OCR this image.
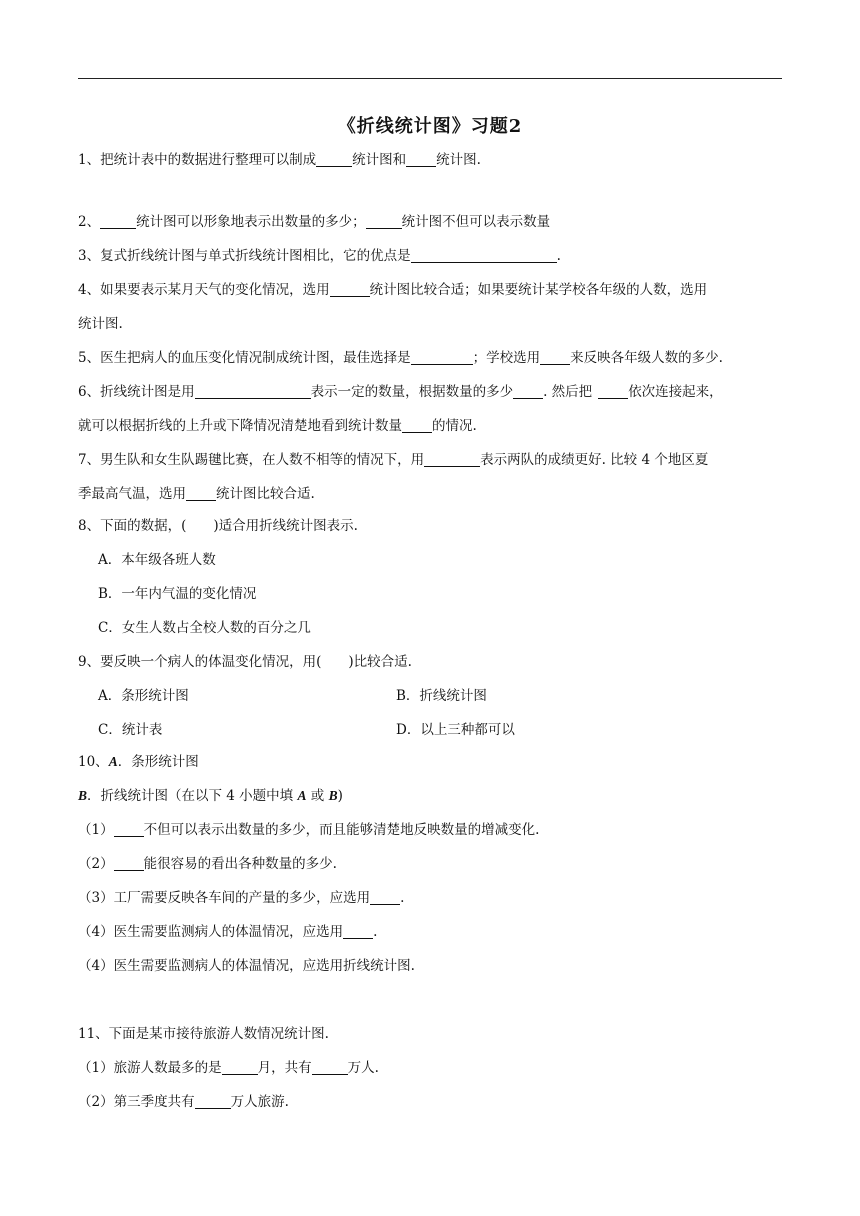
《折线统计图》习题2
1、把统计表中的数据进行整理可以制成	统计图和 统计图.
2、	统计图可以形象地表示出数量的多少；	统计图不但可以表示数量
3、复式折线统计图与单式折线统计图相比，它的优点是	.
4、如果要表示某月天气的变化情况，选用	统计图比较合适；如果要统计某学校各年级的人数，选用
统计图.
5、医生把病人的血压变化情况制成统计图，最佳选择是	；学校选用 来反映各年级人数的多少.
6、折线统计图是用	表示一定的数量，根据数量的多少 . 然后把	依次连接起来，
就可以根据折线的上升或下降情况清楚地看到统计数量 的情况.
7、男生队和女生队踢毽比赛，在人数不相等的情况下，用	表示两队的成绩更好. 比较 4 个地区夏
季最高气温，选用 统计图比较合适.
8、下面的数据，(　　)适合用折线统计图表示.
A．本年级各班人数
B．一年内气温的变化情况
C．女生人数占全校人数的百分之几
9、要反映一个病人的体温变化情况，用(　　)比较合适.
A．条形统计图	B．折线统计图
C．统计表	D．以上三种都可以
10、A．条形统计图
B．折线统计图（在以下 4 小题中填 A 或 B)
（1） 不但可以表示出数量的多少，而且能够清楚地反映数量的增减变化.
（2） 能很容易的看出各种数量的多少.
（3）工厂需要反映各车间的产量的多少，应选用 .
（4）医生需要监测病人的体温情况，应选用 .
（4）医生需要监测病人的体温情况，应选用折线统计图.
11、下面是某市接待旅游人数情况统计图.
（1）旅游人数最多的是	月，共有	万人.
（2）第三季度共有	万人旅游.
